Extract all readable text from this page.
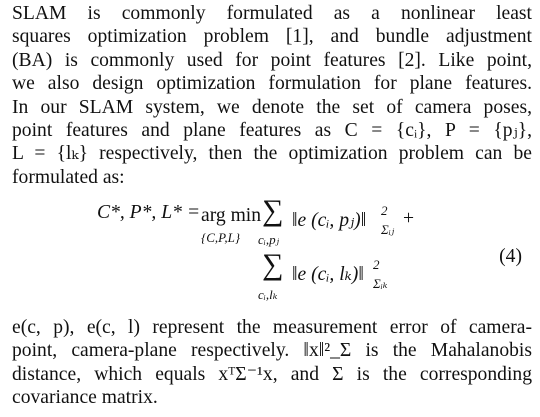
SLAM is commonly formulated as a nonlinear least
squares optimization problem [1], and bundle adjustment
(BA) is commonly used for point features [2]. Like point,
we also design optimization formulation for plane features.
In our SLAM system, we denote the set of camera poses,
point features and plane features as C = {cᵢ}, P = {pⱼ},
L = {lₖ} respectively, then the optimization problem can be
formulated as:
C*, P*, L* = arg min
{C,P,L}
∑
cᵢ,pⱼ
‖e (cᵢ, pⱼ)‖ 2
Σᵢⱼ
+
∑
cᵢ,lₖ
‖e (cᵢ, lₖ)‖ 2
Σᵢₖ
(4)
e(c, p), e(c, l) represent the measurement error of camera-
point, camera-plane respectively. ‖x‖²_Σ is the Mahalanobis
distance, which equals xᵀΣ⁻¹x, and Σ is the corresponding
covariance matrix.
